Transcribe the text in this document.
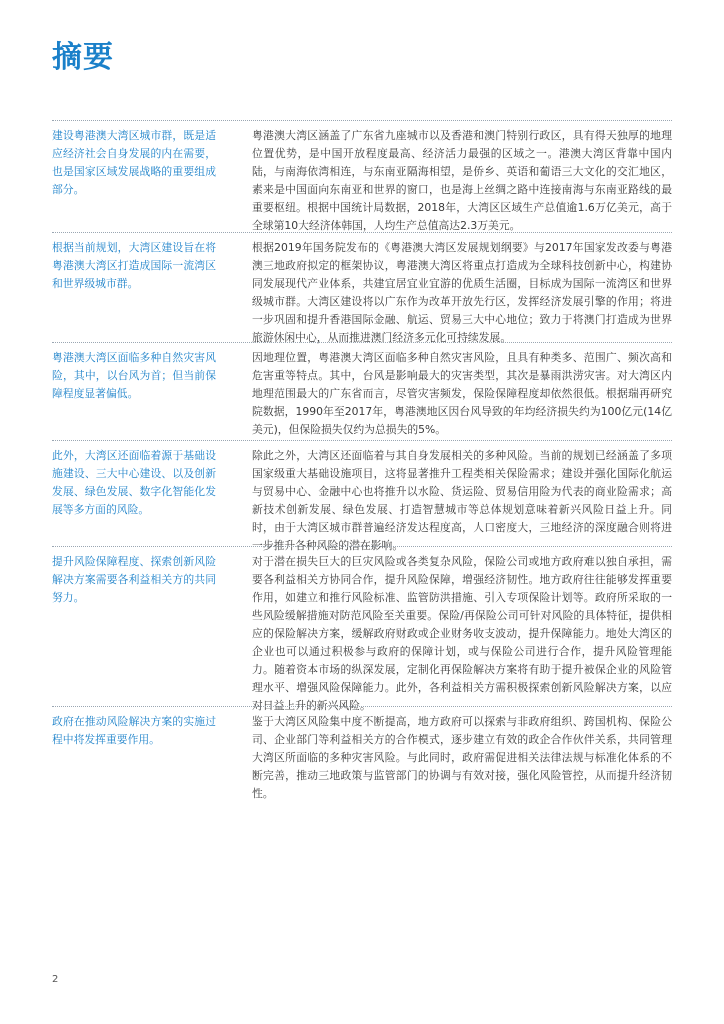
摘要

建设粤港澳大湾区城市群，既是适应经济社会自身发展的内在需要，也是国家区域发展战略的重要组成部分。

粤港澳大湾区涵盖了广东省九座城市以及香港和澳门特别行政区，具有得天独厚的地理位置优势，是中国开放程度最高、经济活力最强的区域之一。港澳大湾区背靠中国内陆，与南海依湾相连，与东南亚隔海相望，是侨乡、英语和葡语三大文化的交汇地区，素来是中国面向东南亚和世界的窗口，也是海上丝绸之路中连接南海与东南亚路线的最重要枢纽。根据中国统计局数据，2018年，大湾区区域生产总值逾1.6万亿美元，高于全球第10大经济体韩国，人均生产总值高达2.3万美元。

根据当前规划，大湾区建设旨在将粤港澳大湾区打造成国际一流湾区和世界级城市群。

根据2019年国务院发布的《粤港澳大湾区发展规划纲要》与2017年国家发改委与粤港澳三地政府拟定的框架协议，粤港澳大湾区将重点打造成为全球科技创新中心，构建协同发展现代产业体系，共建宜居宜业宜游的优质生活圈，目标成为国际一流湾区和世界级城市群。大湾区建设将以广东作为改革开放先行区，发挥经济发展引擎的作用；将进一步巩固和提升香港国际金融、航运、贸易三大中心地位；致力于将澳门打造成为世界旅游休闲中心，从而推进澳门经济多元化可持续发展。

粤港澳大湾区面临多种自然灾害风险，其中，以台风为首；但当前保障程度显著偏低。

因地理位置，粤港澳大湾区面临多种自然灾害风险，且具有种类多、范围广、频次高和危害重等特点。其中，台风是影响最大的灾害类型，其次是暴雨洪涝灾害。对大湾区内地理范围最大的广东省而言，尽管灾害频发，保险保障程度却依然很低。根据瑞再研究院数据，1990年至2017年，粤港澳地区因台风导致的年均经济损失约为100亿元(14亿美元)，但保险损失仅约为总损失的5%。

此外，大湾区还面临着源于基础设施建设、三大中心建设、以及创新发展、绿色发展、数字化智能化发展等多方面的风险。

除此之外，大湾区还面临着与其自身发展相关的多种风险。当前的规划已经涵盖了多项国家级重大基础设施项目，这将显著推升工程类相关保险需求；建设并强化国际化航运与贸易中心、金融中心也将推升以水险、货运险、贸易信用险为代表的商业险需求；高新技术创新发展、绿色发展、打造智慧城市等总体规划意味着新兴风险日益上升。同时，由于大湾区城市群普遍经济发达程度高，人口密度大，三地经济的深度融合则将进一步推升各种风险的潜在影响。

提升风险保障程度、探索创新风险解决方案需要各利益相关方的共同努力。

对于潜在损失巨大的巨灾风险或各类复杂风险，保险公司或地方政府难以独自承担，需要各利益相关方协同合作，提升风险保障，增强经济韧性。地方政府往往能够发挥重要作用，如建立和推行风险标准、监管防洪措施、引入专项保险计划等。政府所采取的一些风险缓解措施对防范风险至关重要。保险/再保险公司可针对风险的具体特征，提供相应的保险解决方案，缓解政府财政或企业财务收支波动，提升保障能力。地处大湾区的企业也可以通过积极参与政府的保障计划，或与保险公司进行合作，提升风险管理能力。随着资本市场的纵深发展，定制化再保险解决方案将有助于提升被保企业的风险管理水平、增强风险保障能力。此外，各利益相关方需积极探索创新风险解决方案，以应对日益上升的新兴风险。

政府在推动风险解决方案的实施过程中将发挥重要作用。

鉴于大湾区风险集中度不断提高，地方政府可以探索与非政府组织、跨国机构、保险公司、企业部门等利益相关方的合作模式，逐步建立有效的政企合作伙伴关系，共同管理大湾区所面临的多种灾害风险。与此同时，政府需促进相关法律法规与标准化体系的不断完善，推动三地政策与监管部门的协调与有效对接，强化风险管控，从而提升经济韧性。

2
